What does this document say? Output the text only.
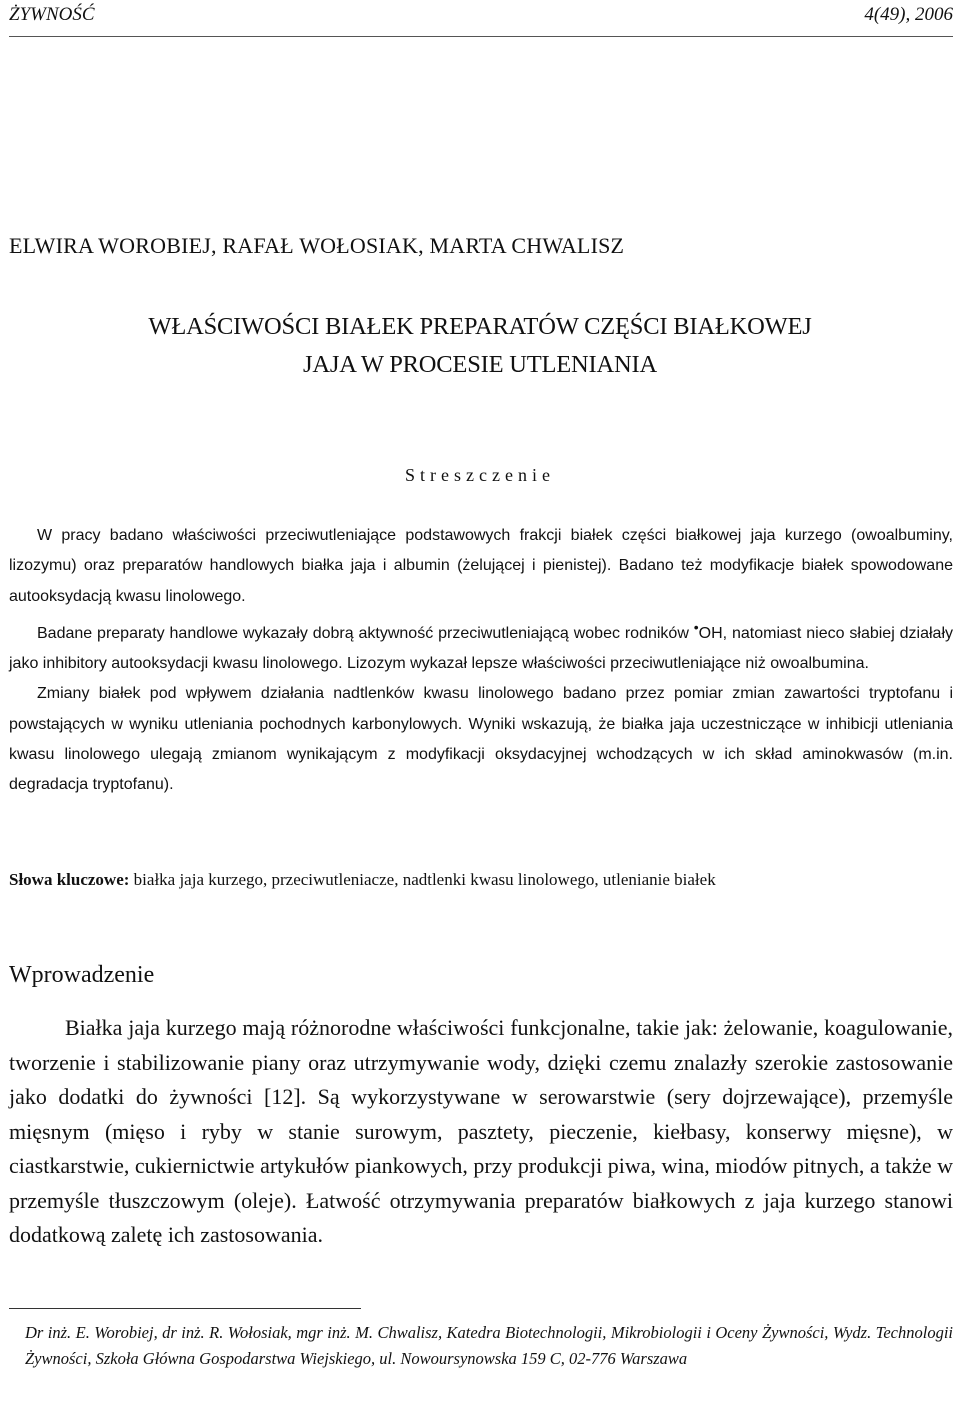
ŻYWNOŚĆ	4(49), 2006
ELWIRA WOROBIEJ, RAFAŁ WOŁOSIAK, MARTA CHWALISZ
WŁAŚCIWOŚCI BIAŁEK PREPARATÓW CZĘŚCI BIAŁKOWEJ
JAJA W PROCESIE UTLENIANIA
Streszczenie

W pracy badano właściwości przeciwutleniające podstawowych frakcji białek części białkowej jaja kurzego (owoalbuminy, lizozymu) oraz preparatów handlowych białka jaja i albumin (żelującej i pienistej). Badano też modyfikacje białek spowodowane autooksydacją kwasu linolowego.

Badane preparaty handlowe wykazały dobrą aktywność przeciwutleniającą wobec rodników •OH, natomiast nieco słabiej działały jako inhibitory autooksydacji kwasu linolowego. Lizozym wykazał lepsze właściwości przeciwutleniające niż owoalbumina.

Zmiany białek pod wpływem działania nadtlenków kwasu linolowego badano przez pomiar zmian zawartości tryptofanu i powstających w wyniku utleniania pochodnych karbonylowych. Wyniki wskazują, że białka jaja uczestniczące w inhibicji utleniania kwasu linolowego ulegają zmianom wynikającym z modyfikacji oksydacyjnej wchodzących w ich skład aminokwasów (m.in. degradacja tryptofanu).

Słowa kluczowe: białka jaja kurzego, przeciwutleniacze, nadtlenki kwasu linolowego, utlenianie białek
Wprowadzenie

Białka jaja kurzego mają różnorodne właściwości funkcjonalne, takie jak: żelowanie, koagulowanie, tworzenie i stabilizowanie piany oraz utrzymywanie wody, dzięki czemu znalazły szerokie zastosowanie jako dodatki do żywności [12]. Są wykorzystywane w serowarstwie (sery dojrzewające), przemyśle mięsnym (mięso i ryby w stanie surowym, pasztety, pieczenie, kiełbasy, konserwy mięsne), w ciastkarstwie, cukiernictwie artykułów piankowych, przy produkcji piwa, wina, miodów pitnych, a także w przemyśle tłuszczowym (oleje). Łatwość otrzymywania preparatów białkowych z jaja kurzego stanowi dodatkową zaletę ich zastosowania.

Dr inż. E. Worobiej, dr inż. R. Wołosiak, mgr inż. M. Chwalisz, Katedra Biotechnologii, Mikrobiologii i Oceny Żywności, Wydz. Technologii Żywności, Szkoła Główna Gospodarstwa Wiejskiego, ul. Nowoursynowska 159 C, 02-776 Warszawa
